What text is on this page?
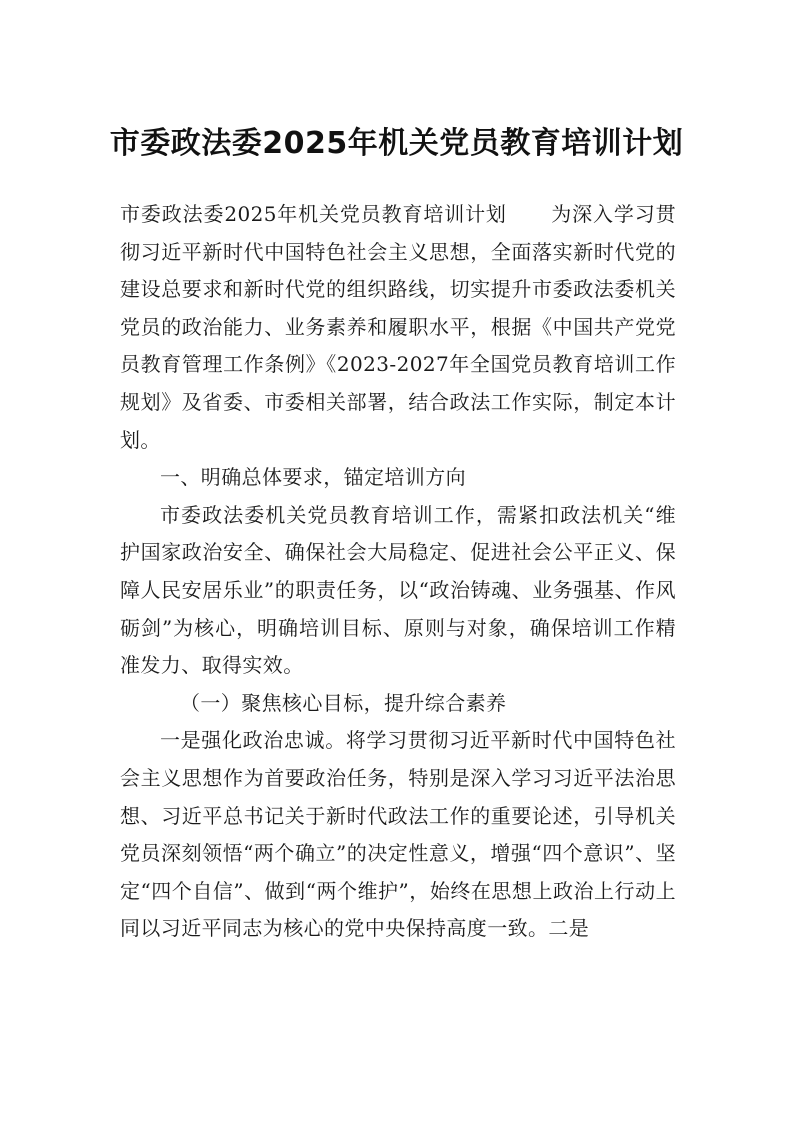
市委政法委2025年机关党员教育培训计划

市委政法委2025年机关党员教育培训计划 为深入学习贯彻习近平新时代中国特色社会主义思想，全面落实新时代党的建设总要求和新时代党的组织路线，切实提升市委政法委机关党员的政治能力、业务素养和履职水平，根据《中国共产党党员教育管理工作条例》《2023-2027年全国党员教育培训工作规划》及省委、市委相关部署，结合政法工作实际，制定本计划。

一、明确总体要求，锚定培训方向

市委政法委机关党员教育培训工作，需紧扣政法机关“维护国家政治安全、确保社会大局稳定、促进社会公平正义、保障人民安居乐业”的职责任务，以“政治铸魂、业务强基、作风砺剑”为核心，明确培训目标、原则与对象，确保培训工作精准发力、取得实效。

（一）聚焦核心目标，提升综合素养

一是强化政治忠诚。将学习贯彻习近平新时代中国特色社会主义思想作为首要政治任务，特别是深入学习习近平法治思想、习近平总书记关于新时代政法工作的重要论述，引导机关党员深刻领悟“两个确立”的决定性意义，增强“四个意识”、坚定“四个自信”、做到“两个维护”，始终在思想上政治上行动上同以习近平同志为核心的党中央保持高度一致。二是
